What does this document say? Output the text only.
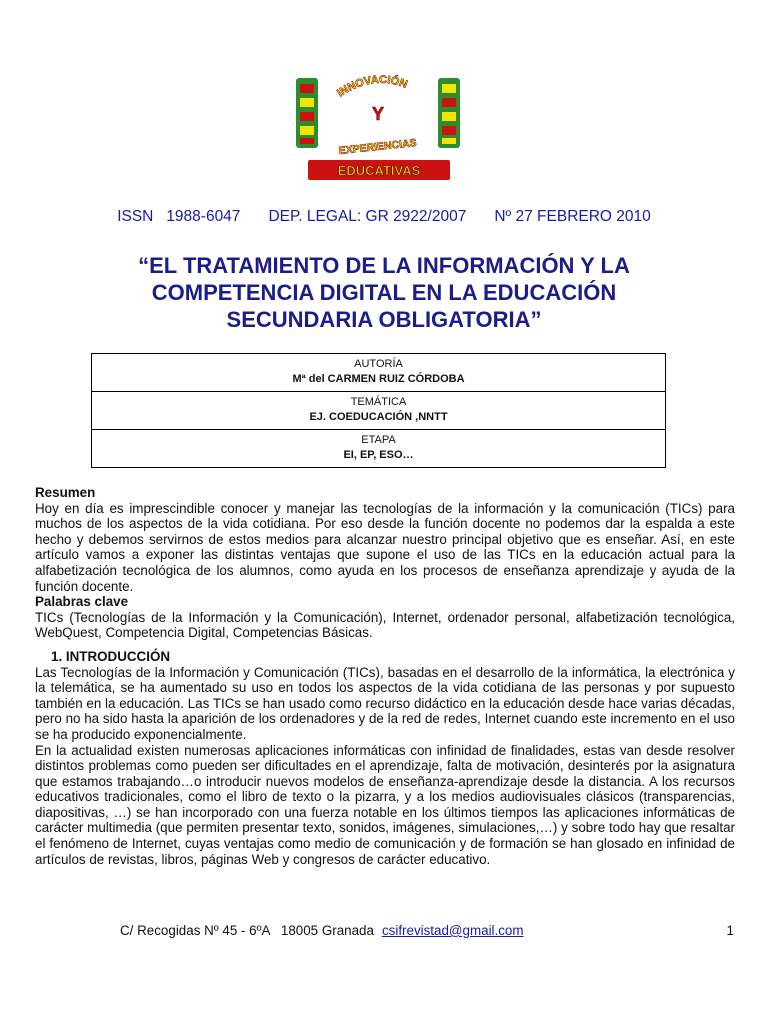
INNOVACIÓN
Y
EXPERIENCIAS
EDUCATIVAS
ISSN   1988-6047 DEP. LEGAL: GR 2922/2007 Nº 27 FEBRERO 2010
“EL TRATAMIENTO DE LA INFORMACIÓN Y LA
COMPETENCIA DIGITAL EN LA EDUCACIÓN
SECUNDARIA OBLIGATORIA”
AUTORÍA
Mª del CARMEN RUIZ CÓRDOBA

TEMÁTICA
EJ. COEDUCACIÓN ,NNTT

ETAPA
EI, EP, ESO…
Resumen

Hoy en día es imprescindible conocer y manejar las tecnologías de la información y la comunicación (TICs) para muchos de los aspectos de la vida cotidiana. Por eso desde la función docente no podemos dar la espalda a este hecho y debemos servirnos de estos medios para alcanzar nuestro principal objetivo que es enseñar. Así, en este artículo vamos a exponer las distintas ventajas que supone el uso de las TICs en la educación actual para la alfabetización tecnológica de los alumnos, como ayuda en los procesos de enseñanza aprendizaje y ayuda de la función docente.

Palabras clave

TICs (Tecnologías de la Información y la Comunicación), Internet, ordenador personal, alfabetización tecnológica, WebQuest, Competencia Digital, Competencias Básicas.

1. INTRODUCCIÓN

Las Tecnologías de la Información y Comunicación (TICs), basadas en el desarrollo de la informática, la electrónica y la telemática, se ha aumentado su uso en todos los aspectos de la vida cotidiana de las personas y por supuesto también en la educación. Las TICs se han usado como recurso didáctico en la educación desde hace varias décadas, pero no ha sido hasta la aparición de los ordenadores y de la red de redes, Internet cuando este incremento en el uso se ha producido exponencialmente.

En la actualidad existen numerosas aplicaciones informáticas con infinidad de finalidades, estas van desde resolver distintos problemas como pueden ser dificultades en el aprendizaje, falta de motivación, desinterés por la asignatura que estamos trabajando…o introducir nuevos modelos de enseñanza-aprendizaje desde la distancia. A los recursos educativos tradicionales, como el libro de texto o la pizarra, y a los medios audiovisuales clásicos (transparencias, diapositivas, …) se han incorporado con una fuerza notable en los últimos tiempos las aplicaciones informáticas de carácter multimedia (que permiten presentar texto, sonidos, imágenes, simulaciones,…) y sobre todo hay que resaltar el fenómeno de Internet, cuyas ventajas como medio de comunicación y de formación se han glosado en infinidad de artículos de revistas, libros, páginas Web y congresos de carácter educativo.

C/ Recogidas Nº 45 - 6ºA   18005 Granada csifrevistad@gmail.com	1
